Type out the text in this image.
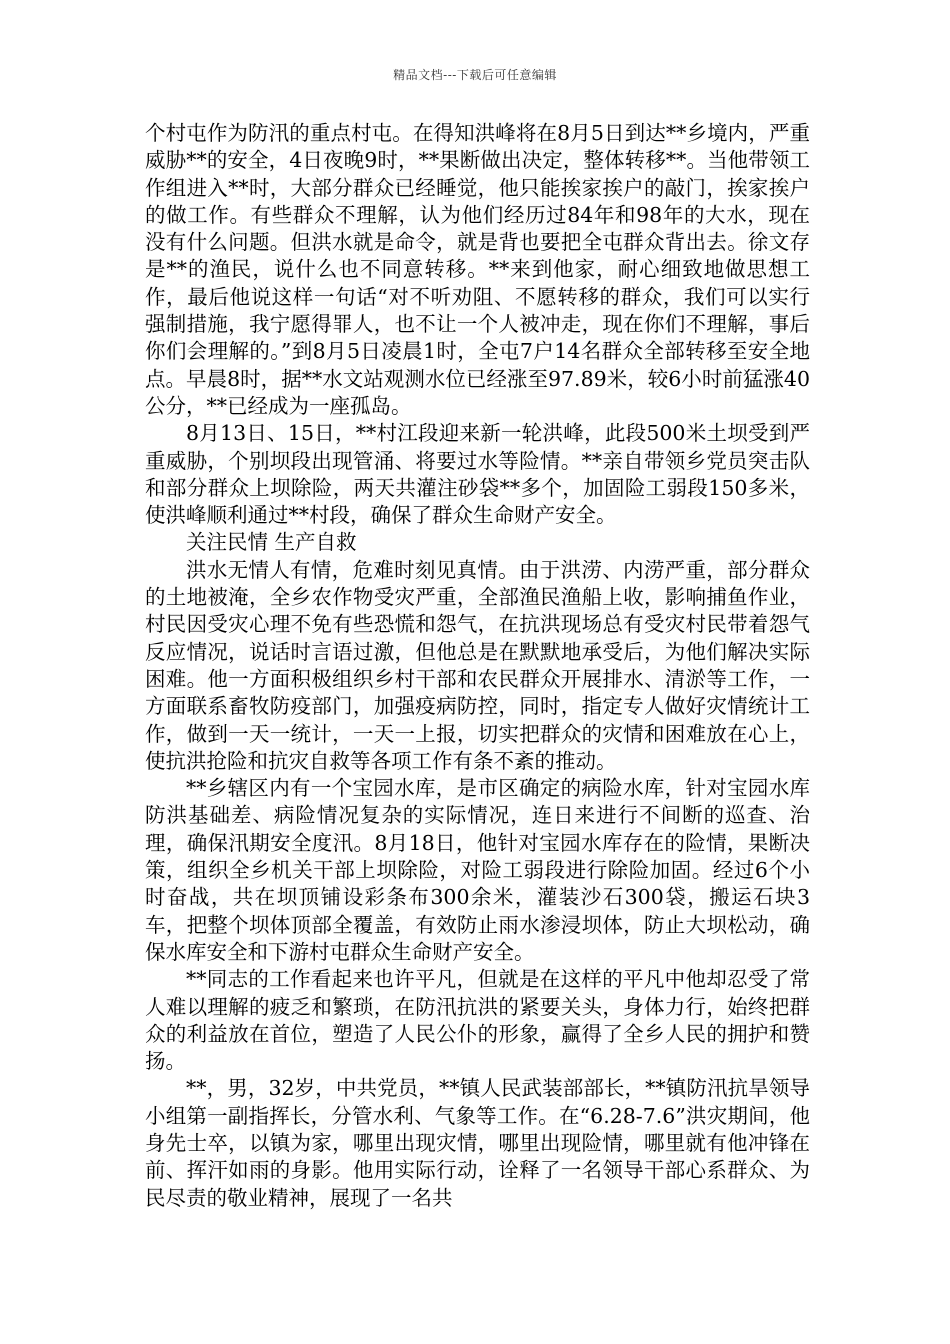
精品文档---下载后可任意编辑

个村屯作为防汛的重点村屯。在得知洪峰将在8月5日到达**乡境内，严重威胁**的安全，4日夜晚9时，**果断做出决定，整体转移**。当他带领工作组进入**时，大部分群众已经睡觉，他只能挨家挨户的敲门，挨家挨户的做工作。有些群众不理解，认为他们经历过84年和98年的大水，现在没有什么问题。但洪水就是命令，就是背也要把全屯群众背出去。徐文存是**的渔民，说什么也不同意转移。**来到他家，耐心细致地做思想工作，最后他说这样一句话“对不听劝阻、不愿转移的群众，我们可以实行强制措施，我宁愿得罪人，也不让一个人被冲走，现在你们不理解，事后你们会理解的。”到8月5日凌晨1时，全屯7户14名群众全部转移至安全地点。早晨8时，据**水文站观测水位已经涨至97.89米，较6小时前猛涨40公分，**已经成为一座孤岛。

8月13日、15日，**村江段迎来新一轮洪峰，此段500米土坝受到严重威胁，个别坝段出现管涌、将要过水等险情。**亲自带领乡党员突击队和部分群众上坝除险，两天共灌注砂袋**多个，加固险工弱段150多米，使洪峰顺利通过**村段，确保了群众生命财产安全。

关注民情 生产自救

洪水无情人有情，危难时刻见真情。由于洪涝、内涝严重，部分群众的土地被淹，全乡农作物受灾严重，全部渔民渔船上收，影响捕鱼作业，村民因受灾心理不免有些恐慌和怨气，在抗洪现场总有受灾村民带着怨气反应情况，说话时言语过激，但他总是在默默地承受后，为他们解决实际困难。他一方面积极组织乡村干部和农民群众开展排水、清淤等工作，一方面联系畜牧防疫部门，加强疫病防控，同时，指定专人做好灾情统计工作，做到一天一统计，一天一上报，切实把群众的灾情和困难放在心上，使抗洪抢险和抗灾自救等各项工作有条不紊的推动。

**乡辖区内有一个宝园水库，是市区确定的病险水库，针对宝园水库防洪基础差、病险情况复杂的实际情况，连日来进行不间断的巡查、治理，确保汛期安全度汛。8月18日，他针对宝园水库存在的险情，果断决策，组织全乡机关干部上坝除险，对险工弱段进行除险加固。经过6个小时奋战，共在坝顶铺设彩条布300余米，灌装沙石300袋，搬运石块3车，把整个坝体顶部全覆盖，有效防止雨水渗浸坝体，防止大坝松动，确保水库安全和下游村屯群众生命财产安全。

**同志的工作看起来也许平凡，但就是在这样的平凡中他却忍受了常人难以理解的疲乏和繁琐，在防汛抗洪的紧要关头，身体力行，始终把群众的利益放在首位，塑造了人民公仆的形象，赢得了全乡人民的拥护和赞扬。

**，男，32岁，中共党员，**镇人民武装部部长，**镇防汛抗旱领导小组第一副指挥长，分管水利、气象等工作。在“6.28-7.6”洪灾期间，他身先士卒，以镇为家，哪里出现灾情，哪里出现险情，哪里就有他冲锋在前、挥汗如雨的身影。他用实际行动，诠释了一名领导干部心系群众、为民尽责的敬业精神，展现了一名共
